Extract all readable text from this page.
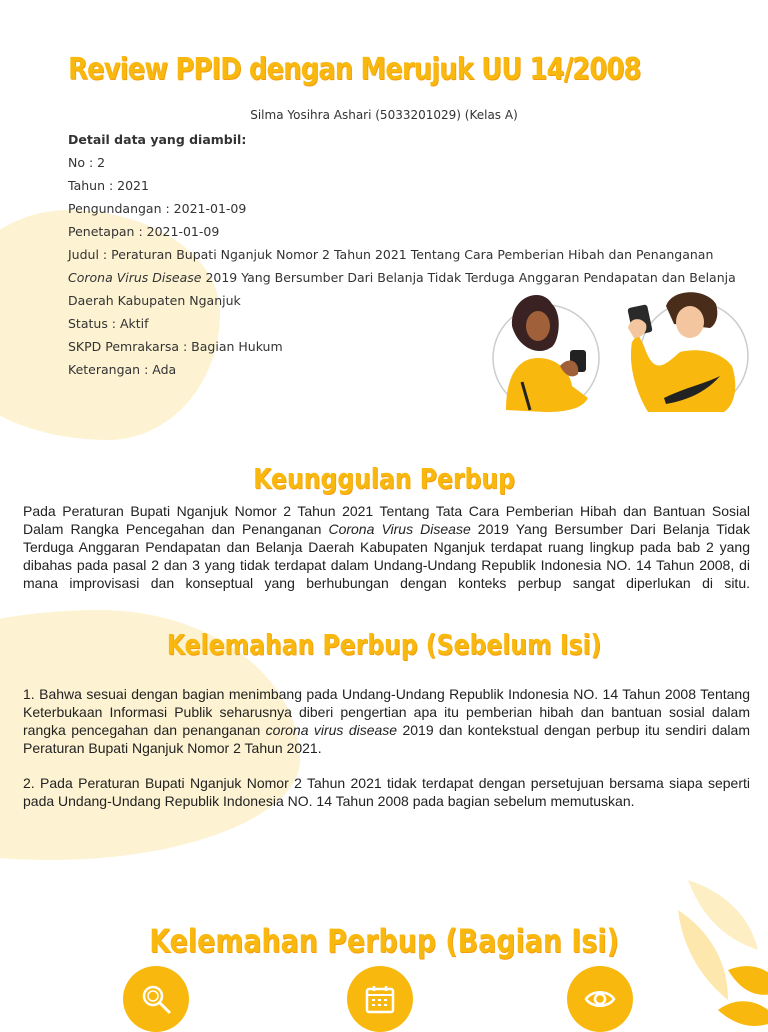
Review PPID dengan Merujuk UU 14/2008
Silma Yosihra Ashari (5033201029) (Kelas A)
Detail data yang diambil:
No : 2
Tahun : 2021
Pengundangan : 2021-01-09
Penetapan : 2021-01-09
Judul : Peraturan Bupati Nganjuk Nomor 2 Tahun 2021 Tentang Cara Pemberian Hibah dan Penanganan
Corona Virus Disease 2019 Yang Bersumber Dari Belanja Tidak Terduga Anggaran Pendapatan dan Belanja
Daerah Kabupaten Nganjuk
Status : Aktif
SKPD Pemrakarsa : Bagian Hukum
Keterangan : Ada
Keunggulan Perbup
Pada Peraturan Bupati Nganjuk Nomor 2 Tahun 2021 Tentang Tata Cara Pemberian Hibah dan Bantuan Sosial Dalam Rangka Pencegahan dan Penanganan Corona Virus Disease 2019 Yang Bersumber Dari Belanja Tidak Terduga Anggaran Pendapatan dan Belanja Daerah Kabupaten Nganjuk terdapat ruang lingkup pada bab 2 yang dibahas pada pasal 2 dan 3 yang tidak terdapat dalam Undang-Undang Republik Indonesia NO. 14 Tahun 2008, di mana improvisasi dan konseptual yang berhubungan dengan konteks perbup sangat diperlukan di situ.
Kelemahan Perbup (Sebelum Isi)
1. Bahwa sesuai dengan bagian menimbang pada Undang-Undang Republik Indonesia NO. 14 Tahun 2008 Tentang Keterbukaan Informasi Publik seharusnya diberi pengertian apa itu pemberian hibah dan bantuan sosial dalam rangka pencegahan dan penanganan corona virus disease 2019 dan kontekstual dengan perbup itu sendiri dalam Peraturan Bupati Nganjuk Nomor 2 Tahun 2021.
2. Pada Peraturan Bupati Nganjuk Nomor 2 Tahun 2021 tidak terdapat dengan persetujuan bersama siapa seperti pada Undang-Undang Republik Indonesia NO. 14 Tahun 2008 pada bagian sebelum memutuskan.
Kelemahan Perbup (Bagian Isi)
